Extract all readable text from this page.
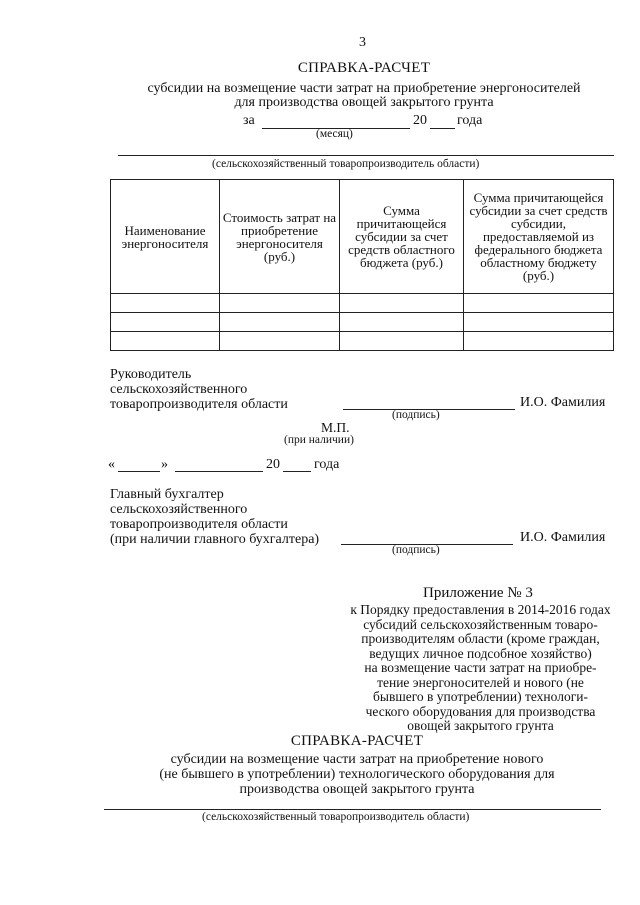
3
СПРАВКА-РАСЧЕТ
субсидии на возмещение части затрат на приобретение энергоносителей
для производства овощей закрытого грунта
за	20 года
(месяц)
(сельскохозяйственный товаропроизводитель области)
Наименование энергоносителя	Стоимость затрат на приобретение энергоносителя (руб.)	Сумма причитающейся субсидии за счет средств областного бюджета (руб.)	Сумма причитающейся субсидии за счет средств субсидии, предоставляемой из федерального бюджета областному бюджету (руб.)

Руководитель
сельскохозяйственного
товаропроизводителя области	И.О. Фамилия
(подпись)
М.П.
(при наличии)
«	»	20 года
Главный бухгалтер
сельскохозяйственного
товаропроизводителя области
(при наличии главного бухгалтера)	И.О. Фамилия
(подпись)
Приложение № 3
к Порядку предоставления в 2014-2016 годах
субсидий сельскохозяйственным товаро-
производителям области (кроме граждан,
ведущих личное подсобное хозяйство)
на возмещение части затрат на приобре-
тение энергоносителей и нового (не
бывшего в употреблении) технологи-
ческого оборудования для производства
овощей закрытого грунта
СПРАВКА-РАСЧЕТ
субсидии на возмещение части затрат на приобретение нового
(не бывшего в употреблении) технологического оборудования для
производства овощей закрытого грунта
(сельскохозяйственный товаропроизводитель области)
